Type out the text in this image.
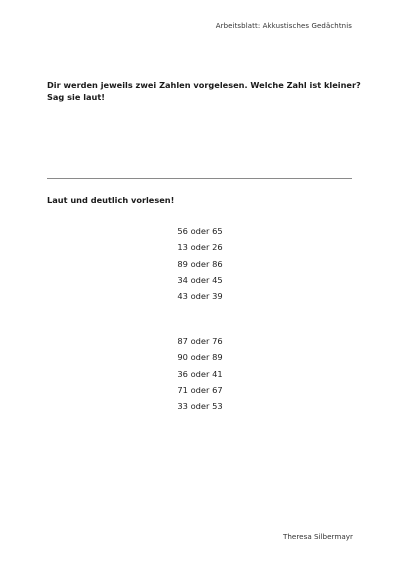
Arbeitsblatt: Akkustisches Gedächtnis
Dir werden jeweils zwei Zahlen vorgelesen. Welche Zahl ist kleiner? Sag sie laut!
Laut und deutlich vorlesen!
56 oder 65
13 oder 26
89 oder 86
34 oder 45
43 oder 39
87 oder 76
90 oder 89
36 oder 41
71 oder 67
33 oder 53
Theresa Silbermayr
